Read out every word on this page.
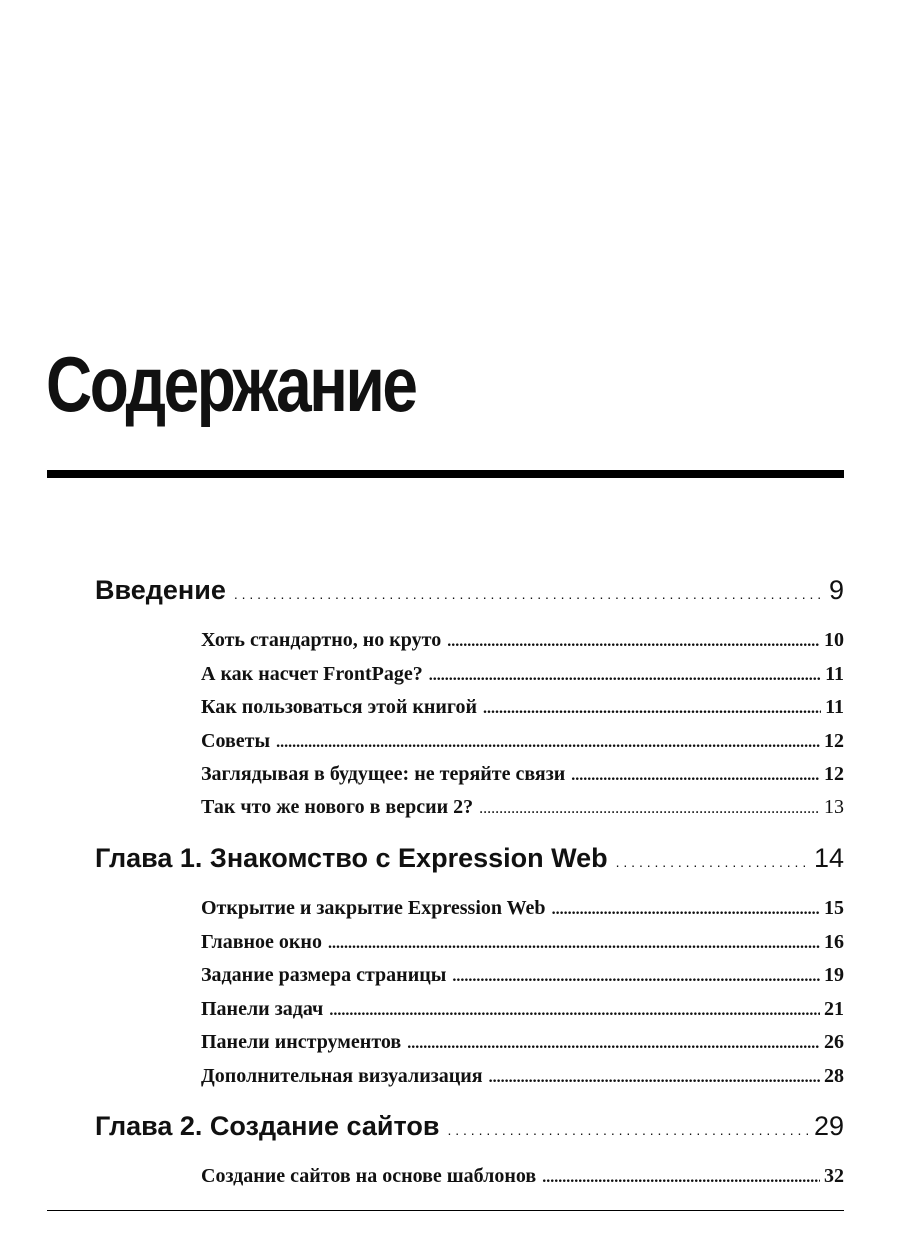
Содержание
Введение . . .	9
Хоть стандартно, но круто .....	10
А как насчет FrontPage? .....	11
Как пользоваться этой книгой .....	11
Советы .....	12
Заглядывая в будущее: не теряйте связи .....	12
Так что же нового в версии 2? .....	13
Глава 1. Знакомство с Expression Web . . .	14
Открытие и закрытие Expression Web .....	15
Главное окно .....	16
Задание размера страницы .....	19
Панели задач .....	21
Панели инструментов .....	26
Дополнительная визуализация .....	28
Глава 2. Создание сайтов . . .	29
Создание сайтов на основе шаблонов .....	32
